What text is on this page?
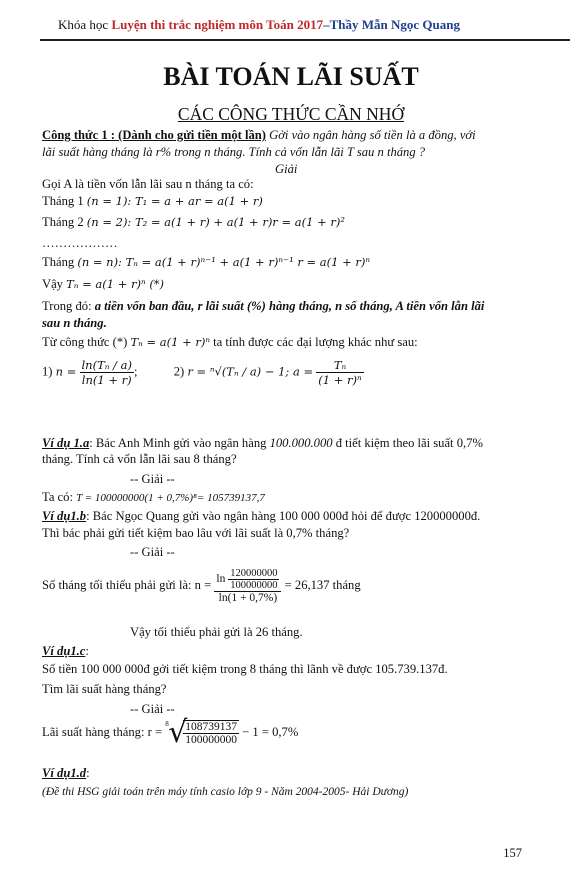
Khóa học Luyện thi trắc nghiệm môn Toán 2017–Thầy Mẫn Ngọc Quang
BÀI TOÁN LÃI SUẤT
CÁC CÔNG THỨC CẦN NHỚ
Công thức 1 : (Dành cho gửi tiền một lần) Gởi vào ngân hàng số tiền là a đồng, với
lãi suất hàng tháng là r% trong n tháng. Tính cả vốn lẫn lãi T sau n tháng ?
Giải
Gọi A là tiền vốn lẫn lãi sau n tháng ta có:
Tháng 1 (n = 1): T₁ = a + ar = a(1 + r)
Tháng 2 (n = 2): T₂ = a(1 + r) + a(1 + r)r = a(1 + r)²
………………
Tháng (n = n): Tₙ = a(1 + r)ⁿ⁻¹ + a(1 + r)ⁿ⁻¹ r = a(1 + r)ⁿ
Vậy Tₙ = a(1 + r)ⁿ (*)
Trong đó: a tiền vốn ban đầu, r lãi suất (%) hàng tháng, n số tháng, A tiền vốn lẫn lãi
sau n tháng.
Từ công thức (*) Tₙ = a(1 + r)ⁿ ta tính được các đại lượng khác như sau:
1) $n = \frac{\text{ln(Tₙ / a)}}{\ln(1 + r)}$ ;	2) r = ⁿ√(Tₙ / a) − 1; $a = \frac{\text{Tₙ}}{\text{(1 + r)ⁿ}}$
Ví dụ 1.a: Bác Anh Minh gửi vào ngân hàng 100.000.000 đ tiết kiệm theo lãi suất 0,7%
tháng. Tính cả vốn lẫn lãi sau 8 tháng?
-- Giải --
Ta có: T = 100000000(1 + 0,7%)⁸= 105739137,7
Ví dụ1.b: Bác Ngọc Quang gửi vào ngân hàng 100 000 000đ hỏi để được 120000000đ.
Thì bác phải gửi tiết kiệm bao lâu với lãi suất là 0,7% tháng?
-- Giải --
Số tháng tối thiểu phải gửi là: $n = \frac{\ln \frac{120000000}{100000000}}{\ln(1 + 0,7\%)} = 26,137$ tháng
Vậy tối thiểu phải gửi là 26 tháng.
Ví dụ1.c:
Số tiền 100 000 000đ gởi tiết kiệm trong 8 tháng thì lãnh về được 105.739.137đ.
Tìm lãi suất hàng tháng?
-- Giải --
Lãi suất hàng tháng: r =
8 √
$\frac{108739137}{100000000} - 1 = 0,7\%$
Ví dụ1.d:
(Đề thi HSG giải toán trên máy tính casio lớp 9 - Năm 2004-2005- Hải Dương)
157
